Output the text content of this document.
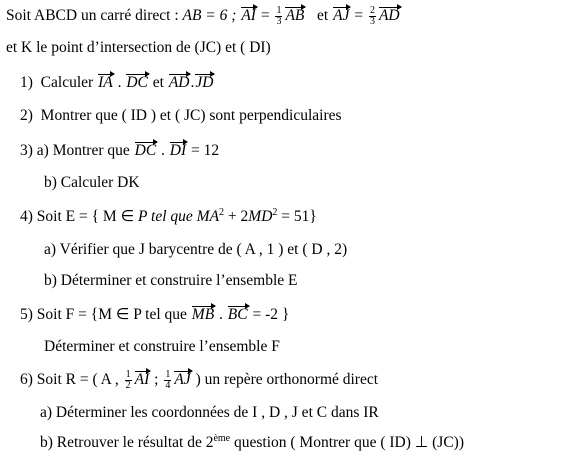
Soit ABCD un carré direct : AB = 6 ; AI = $\frac{1}{3}$ AB et AJ = $\frac{2}{3}$ AD
et K le point d’intersection de (JC) et ( DI)
1) Calculer IA . DC et AD.JD
2) Montrer que ( ID ) et ( JC) sont perpendiculaires
3) a) Montrer que DC . DI = 12
b) Calculer DK
4) Soit E = { M ∈ P tel que $MA^2 + 2MD^2 = 51$}
a) Vérifier que J barycentre de ( A , 1 ) et ( D , 2)
b) Déterminer et construire l’ensemble E
5) Soit F = {M ∈ P tel que MB . BC = -2 }
Déterminer et construire l’ensemble F
6) Soit R = ( A , $\frac{1}{2}$ AI ; $\frac{1}{4}$ AJ ) un repère orthonormé direct
a) Déterminer les coordonnées de I , D , J et C dans IR
b) Retrouver le résultat de 2ème question ( Montrer que ( ID) ⊥ (JC))
